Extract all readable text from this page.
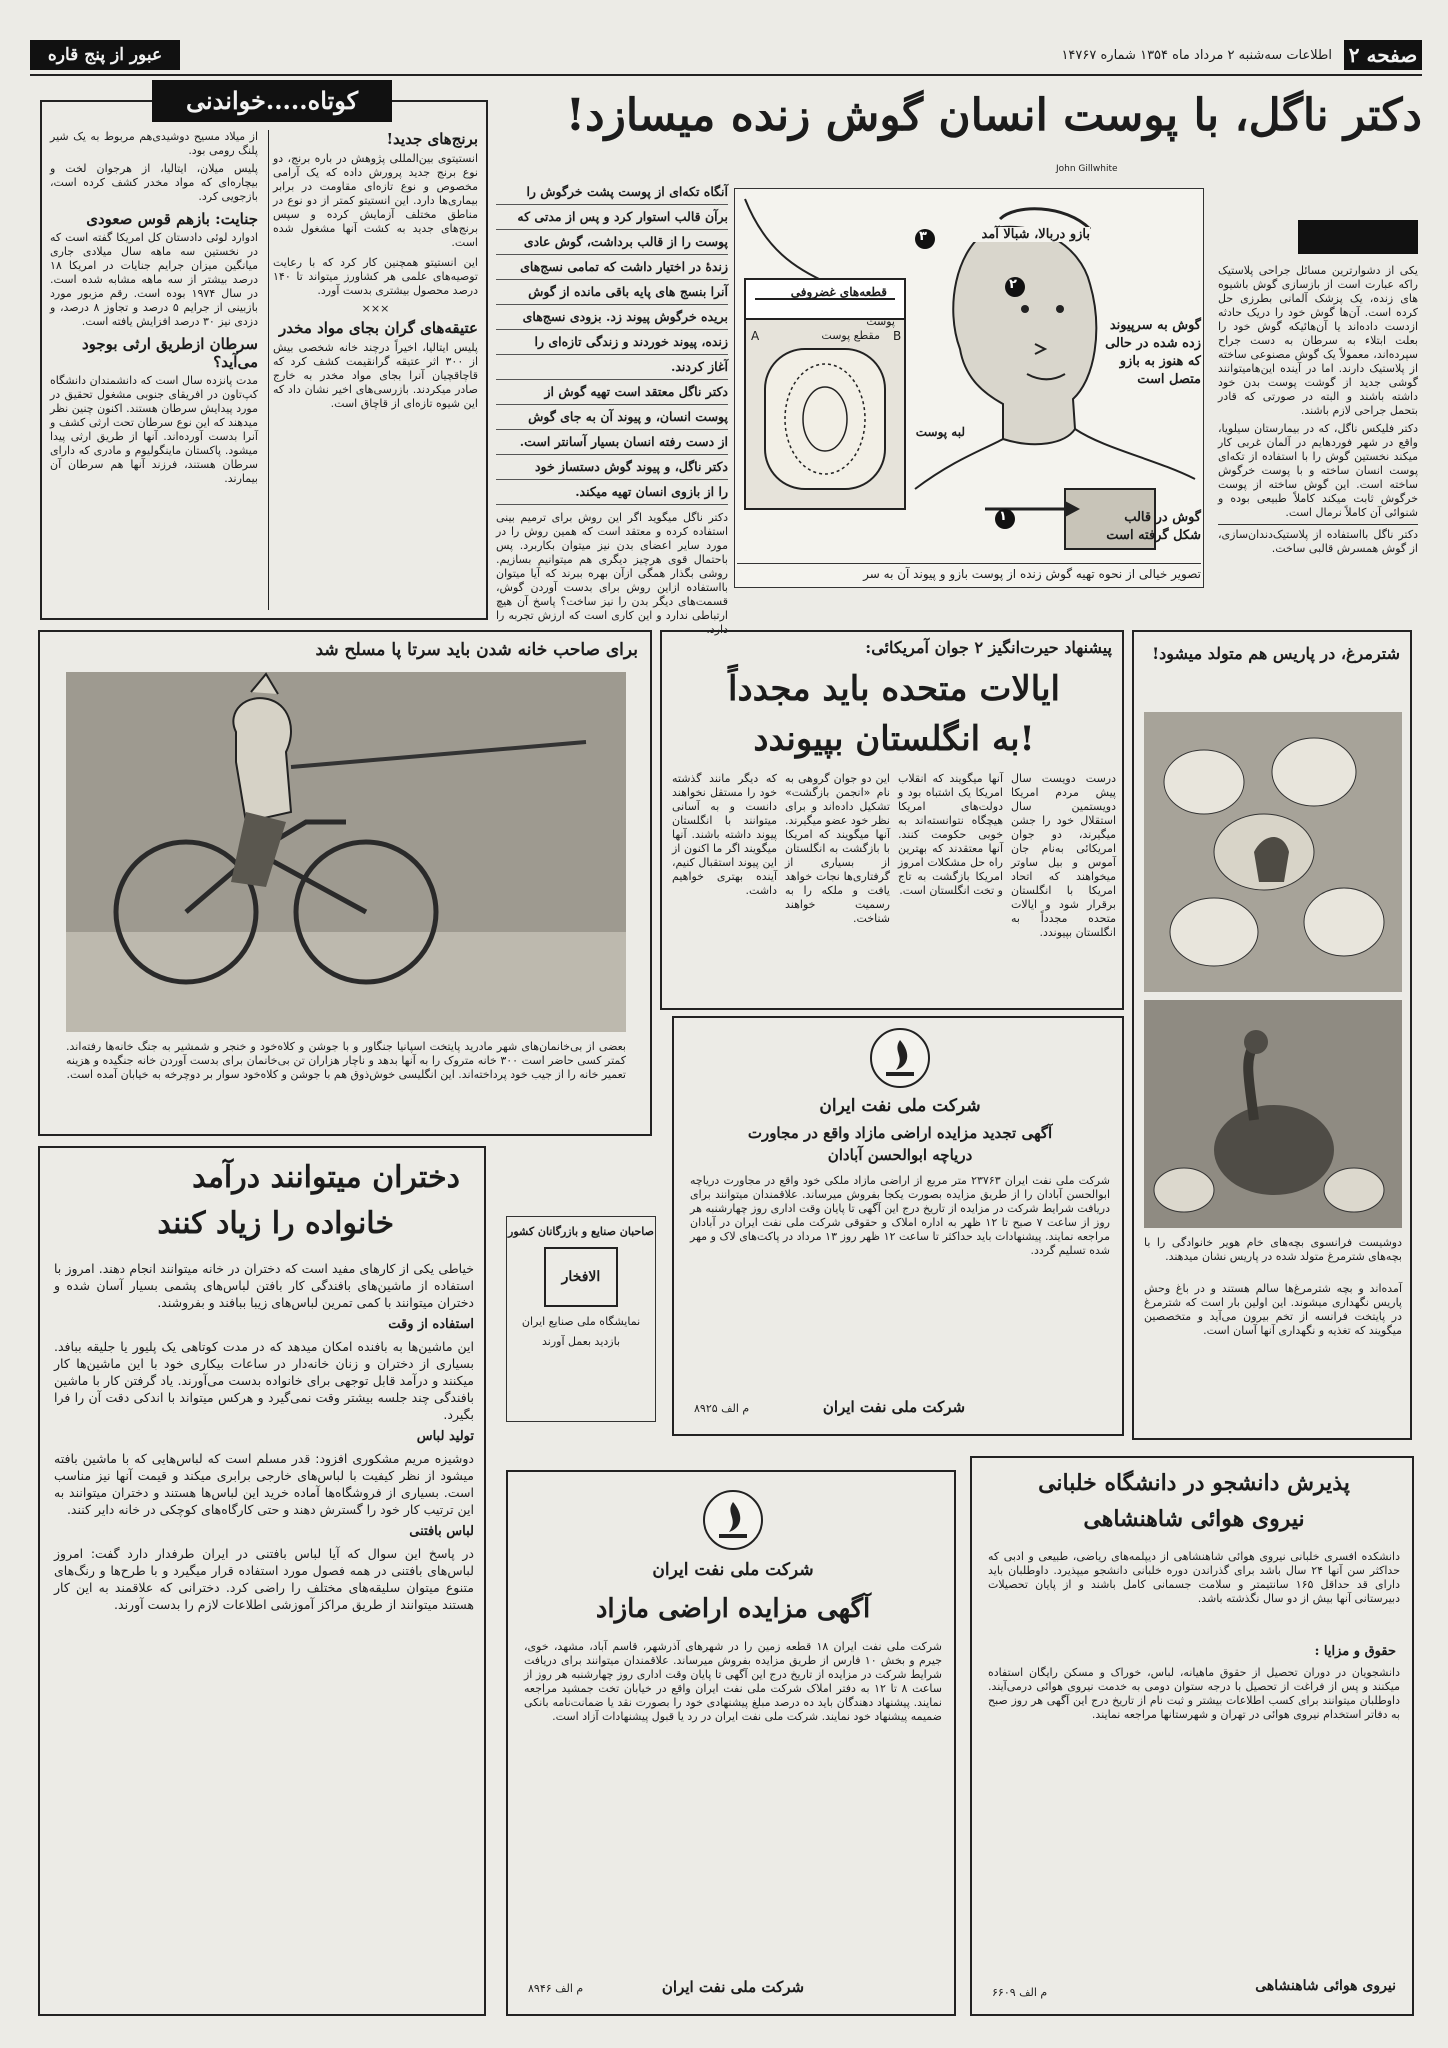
صفحه ۲
اطلاعات سه‌شنبه ۲ مرداد ماه ۱۳۵۴ شماره ۱۴۷۶۷
عبور از پنج قاره
کوتاه.....خواندنی
برنج‌های جدید!

انستیتوی بین‌المللی پژوهش در باره برنج، دو نوع برنج جدید پرورش داده که یک آرامی مخصوص و نوع تازه‌ای مقاومت در برابر بیماری‌ها دارد. این انستیتو کمتر از دو نوع در مناطق مختلف آزمایش کرده و سپس برنج‌های جدید به کشت آنها مشغول شده است.

این انستیتو همچنین کار کرد که با رعایت توصیه‌های علمی هر کشاورز میتواند تا ۱۴۰ درصد محصول بیشتری بدست آورد.

×××
عتیقه‌های گران بجای مواد مخدر

پلیس ایتالیا، اخیراً درچند خانه شخصی بیش از ۳۰۰ اثر عتیقه گرانقیمت کشف کرد که قاچاقچیان آنرا بجای مواد مخدر به خارج صادر میکردند. بازرسی‌های اخیر نشان داد که این شیوه تازه‌ای از قاچاق است.

از میلاد مسیح دوشیدی‌هم مربوط به یک شیر پلنگ رومی بود.

پلیس میلان، ایتالیا، از هرجوان لخت و بیچاره‌ای که مواد مخدر کشف کرده است، بازجویی کرد.

جنایت: بازهم قوس صعودی

ادوارد لوئی دادستان کل امریکا گفته است که در نخستین سه ماهه سال میلادی جاری میانگین میزان جرایم جنایات در امریکا ۱۸ درصد بیشتر از سه ماهه مشابه شده است. در سال ۱۹۷۴ بوده است. رقم مزبور مورد بازبینی از جرایم ۵ درصد و تجاوز ۸ درصد، و دزدی نیز ۳۰ درصد افزایش یافته است.

سرطان ازطریق ارثی بوجود می‌آید؟

مدت پانزده سال است که دانشمندان دانشگاه کپ‌تاون در افریقای جنوبی مشغول تحقیق در مورد پیدایش سرطان هستند. اکنون چنین نظر میدهند که این نوع سرطان تحت ارثی کشف و آنرا بدست آورده‌اند. آنها از طریق ارثی پیدا میشود. پاکستان ماینگولیوم و مادری که دارای سرطان هستند، فرزند آنها هم سرطان آن بیمارند.

دکتر ناگل، با پوست انسان گوش زنده میسازد!
John Gillwhite

یکی از دشوارترین مسائل جراحی پلاستیک راکه عبارت است از بازسازی گوش باشیوه های زنده، یک پزشک آلمانی بطرزی حل کرده است. آن‌ها گوش خود را دریک حادثه ازدست داده‌اند یا آن‌هائیکه گوش خود را بعلت ابتلاء به سرطان به دست جراح سپرده‌اند، معمولاً یک گوش مصنوعی ساخته از پلاستیک دارند. اما در آینده این‌هامیتوانند گوشی جدید از گوشت پوست بدن خود داشته باشند و البته در صورتی که قادر بتحمل جراحی لازم باشند.

دکتر فلیکس ناگل، که در بیمارستان سیلویا، واقع در شهر فوردهایم در آلمان غربی کار میکند نخستین گوش را با استفاده از تکه‌ای پوست انسان ساخته و با پوست خرگوش ساخته است. این گوش ساخته از پوست خرگوش ثابت میکند کاملاً طبیعی بوده و شنوائی آن کاملاً نرمال است.

دکتر ناگل بااستفاده از پلاستیک‌دندان‌سازی، از گوش همسرش قالبی ساخت.

۳
۲
۱
بازو دربالا، شبالا آمد
گوش به سرپیوند زده شده در حالی که هنوز به بازو متصل است
گوش در قالب شکل گرفته است
قطعه‌های غضروفی
پوست
مقطع پوست
لبه پوست
A	B
تصویر خیالی از نحوه تهیه گوش زنده از پوست بازو و پیوند آن به سر
آنگاه تکه‌ای از پوست پشت خرگوش را
برآن قالب استوار کرد و پس از مدتی که
پوست را از قالب برداشت، گوش عادی
زندهٔ در اختیار داشت که تمامی نسج‌های
آنرا بنسج های پایه باقی مانده از گوش
بریده خرگوش پیوند زد. بزودی نسج‌های
زنده، پیوند خوردند و زندگی تازه‌ای را
آغاز کردند.
دکتر ناگل معتقد است تهیه گوش از
پوست انسان، و پیوند آن به جای گوش
از دست رفته انسان بسیار آسانتر است.
دکتر ناگل، و پیوند گوش دستساز خود
را از بازوی انسان تهیه میکند.

دکتر ناگل میگوید اگر این روش برای ترمیم بینی استفاده کرده و معتقد است که همین روش را در مورد سایر اعضای بدن نیز میتوان بکاربرد. پس باحتمال قوی هرچیز دیگری هم میتوانیم بسازیم. روشی بگذار همگی ازآن بهره ببرند که آیا میتوان بااستفاده ازاین روش برای بدست آوردن گوش، قسمت‌های دیگر بدن را نیز ساخت؟ پاسخ آن هیچ ارتباطی ندارد و این کاری است که ارزش تجربه را دارد.

برای صاحب خانه شدن باید سرتا پا مسلح شد
بعضی از بی‌خانمان‌های شهر مادرید پایتخت اسپانیا جنگاور و با جوشن و کلاه‌خود و خنجر و شمشیر به جنگ خانه‌ها رفته‌اند. کمتر کسی حاضر است ۳۰۰ خانه متروک را به آنها بدهد و ناچار هزاران تن بی‌خانمان برای بدست آوردن خانه جنگیده و هزینه تعمیر خانه را از جیب خود پرداخته‌اند. این انگلیسی خوش‌ذوق هم با جوشن و کلاه‌خود سوار بر دوچرخه به خیابان آمده است.
پیشنهاد حیرت‌انگیز ۲ جوان آمریکائی:
ایالات متحده باید مجدداً
به انگلستان بپیوندد!

درست دویست سال پیش مردم امریکا دویستمین سال استقلال خود را جشن میگیرند، دو جوان امریکائی به‌نام جان آموس و بیل ساوتر میخواهند که اتحاد امریکا با انگلستان برقرار شود و ایالات متحده مجدداً به انگلستان بپیوندد.

آنها میگویند که انقلاب امریکا یک اشتباه بود و دولت‌های امریکا هیچگاه نتوانسته‌اند به خوبی حکومت کنند. آنها معتقدند که بهترین راه حل مشکلات امروز امریکا بازگشت به تاج و تخت انگلستان است.

این دو جوان گروهی به نام «انجمن بازگشت» تشکیل داده‌اند و برای نظر خود عضو میگیرند. آنها میگویند که امریکا با بازگشت به انگلستان از بسیاری از گرفتاری‌ها نجات خواهد یافت و ملکه را به رسمیت خواهند شناخت.

که دیگر مانند گذشته خود را مستقل نخواهند دانست و به آسانی میتوانند با انگلستان پیوند داشته باشند. آنها میگویند اگر ما اکنون از این پیوند استقبال کنیم، آینده بهتری خواهیم داشت.

شترمرغ، در پاریس هم متولد میشود!

دوشیست فرانسوی بچه‌های خام هویر خانوادگی را با بچه‌های شترمرغ متولد شده در پاریس نشان میدهند.

آمده‌اند و بچه شترمرغ‌ها سالم هستند و در باغ وحش پاریس نگهداری میشوند. این اولین بار است که شترمرغ در پایتخت فرانسه از تخم بیرون می‌آید و متخصصین میگویند که تغذیه و نگهداری آنها آسان است.

دختران میتوانند درآمد
خانواده را زیاد کنند

خیاطی یکی از کارهای مفید است که دختران در خانه میتوانند انجام دهند. امروز با استفاده از ماشین‌های بافندگی کار بافتن لباس‌های پشمی بسیار آسان شده و دختران میتوانند با کمی تمرین لباس‌های زیبا ببافند و بفروشند.

استفاده از وقت

این ماشین‌ها به بافنده امکان میدهد که در مدت کوتاهی یک پلیور یا جلیقه ببافد. بسیاری از دختران و زنان خانه‌دار در ساعات بیکاری خود با این ماشین‌ها کار میکنند و درآمد قابل توجهی برای خانواده بدست می‌آورند. یاد گرفتن کار با ماشین بافندگی چند جلسه بیشتر وقت نمی‌گیرد و هرکس میتواند با اندکی دقت آن را فرا بگیرد.

تولید لباس

دوشیزه مریم مشکوری افزود: قدر مسلم است که لباس‌هایی که با ماشین بافته میشود از نظر کیفیت با لباس‌های خارجی برابری میکند و قیمت آنها نیز مناسب است. بسیاری از فروشگاه‌ها آماده خرید این لباس‌ها هستند و دختران میتوانند به این ترتیب کار خود را گسترش دهند و حتی کارگاه‌های کوچکی در خانه دایر کنند.

لباس بافتنی

در پاسخ این سوال که آیا لباس بافتنی در ایران طرفدار دارد گفت: امروز لباس‌های بافتنی در همه فصول مورد استفاده قرار میگیرد و با طرح‌ها و رنگ‌های متنوع میتوان سلیقه‌های مختلف را راضی کرد. دخترانی که علاقمند به این کار هستند میتوانند از طریق مراکز آموزشی اطلاعات لازم را بدست آورند.

صاحبان صنایع و بازرگانان کشور
الافخار
نمایشگاه ملی صنایع ایران
بازدید بعمل آورند
شرکت ملی نفت ایران
آگهی تجدید مزایده اراضی مازاد واقع در مجاورت
دریاچه ابوالحسن آبادان

شرکت ملی نفت ایران ۲۳۷۶۳ متر مربع از اراضی مازاد ملکی خود واقع در مجاورت دریاچه ابوالحسن آبادان را از طریق مزایده بصورت یکجا بفروش میرساند. علاقمندان میتوانند برای دریافت شرایط شرکت در مزایده از تاریخ درج این آگهی تا پایان وقت اداری روز چهارشنبه هر روز از ساعت ۷ صبح تا ۱۲ ظهر به اداره املاک و حقوقی شرکت ملی نفت ایران در آبادان مراجعه نمایند. پیشنهادات باید حداکثر تا ساعت ۱۲ ظهر روز ۱۳ مرداد در پاکت‌های لاک و مهر شده تسلیم گردد.

شرکت ملی نفت ایران
م الف ۸۹۲۵
شرکت ملی نفت ایران
آگهی مزایده اراضی مازاد

شرکت ملی نفت ایران ۱۸ قطعه زمین را در شهرهای آذرشهر، قاسم آباد، مشهد، خوی، جیرم و بخش ۱۰ فارس از طریق مزایده بفروش میرساند. علاقمندان میتوانند برای دریافت شرایط شرکت در مزایده از تاریخ درج این آگهی تا پایان وقت اداری روز چهارشنبه هر روز از ساعت ۸ تا ۱۲ به دفتر املاک شرکت ملی نفت ایران واقع در خیابان تخت جمشید مراجعه نمایند. پیشنهاد دهندگان باید ده درصد مبلغ پیشنهادی خود را بصورت نقد یا ضمانت‌نامه بانکی ضمیمه پیشنهاد خود نمایند. شرکت ملی نفت ایران در رد یا قبول پیشنهادات آزاد است.

شرکت ملی نفت ایران
م الف ۸۹۴۶
پذیرش دانشجو در دانشگاه خلبانی
نیروی هوائی شاهنشاهی

دانشکده افسری خلبانی نیروی هوائی شاهنشاهی از دیپلمه‌های ریاضی، طبیعی و ادبی که حداکثر سن آنها ۲۴ سال باشد برای گذراندن دوره خلبانی دانشجو میپذیرد. داوطلبان باید دارای قد حداقل ۱۶۵ سانتیمتر و سلامت جسمانی کامل باشند و از پایان تحصیلات دبیرستانی آنها بیش از دو سال نگذشته باشد.

حقوق و مزایا :

دانشجویان در دوران تحصیل از حقوق ماهیانه، لباس، خوراک و مسکن رایگان استفاده میکنند و پس از فراغت از تحصیل با درجه ستوان دومی به خدمت نیروی هوائی درمی‌آیند. داوطلبان میتوانند برای کسب اطلاعات بیشتر و ثبت نام از تاریخ درج این آگهی هر روز صبح به دفاتر استخدام نیروی هوائی در تهران و شهرستانها مراجعه نمایند.

نیروی هوائی شاهنشاهی
م الف ۶۶۰۹
